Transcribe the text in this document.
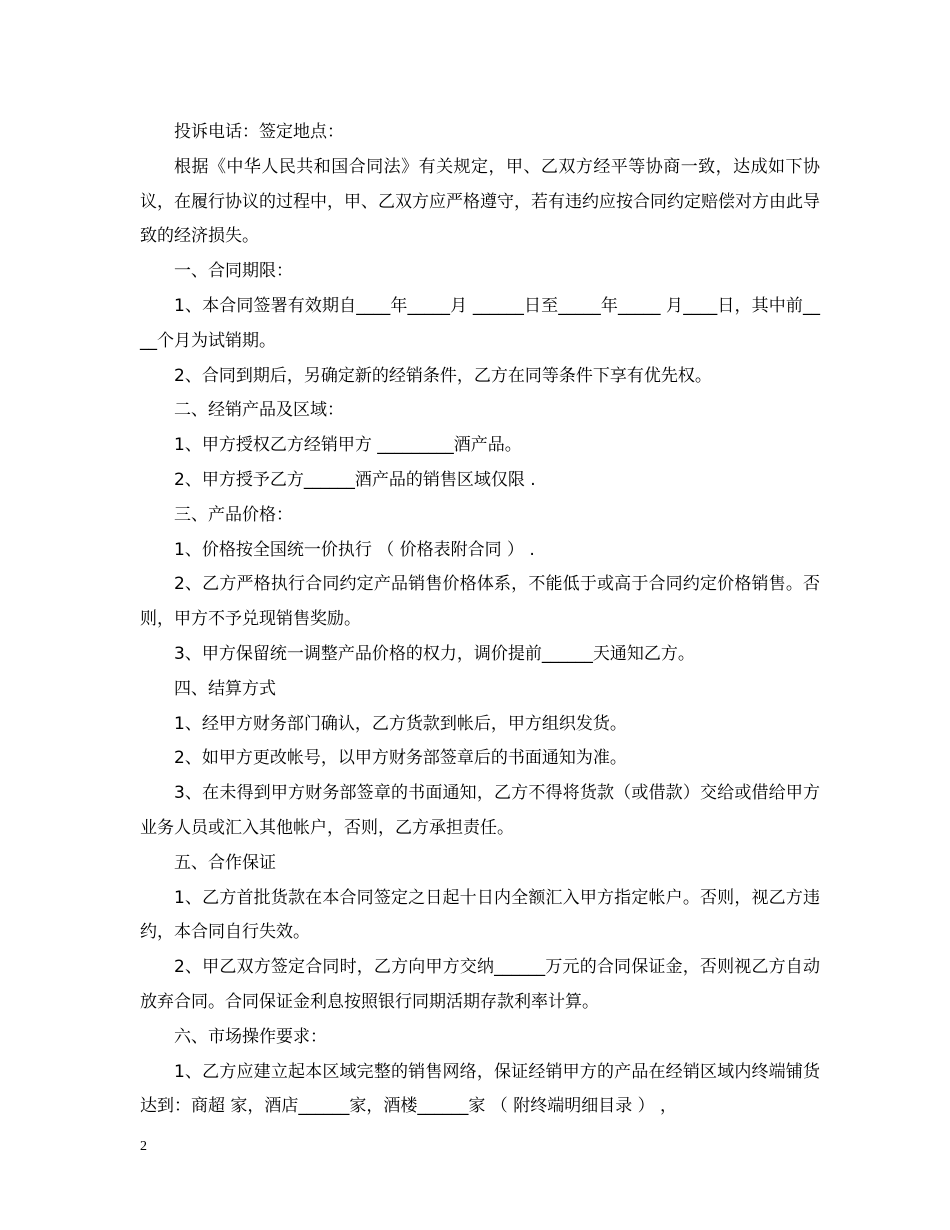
投诉电话：签定地点：

根据《中华人民共和国合同法》有关规定，甲、乙双方经平等协商一致，达成如下协议，在履行协议的过程中，甲、乙双方应严格遵守，若有违约应按合同约定赔偿对方由此导致的经济损失。

一、合同期限：

1、本合同签署有效期自____年_____月 ______日至_____年_____ 月____日，其中前____个月为试销期。

2、合同到期后，另确定新的经销条件，乙方在同等条件下享有优先权。

二、经销产品及区域：

1、甲方授权乙方经销甲方 _________酒产品。

2、甲方授予乙方______酒产品的销售区域仅限 .

三、产品价格：

1、价格按全国统一价执行 （ 价格表附合同 ） .

2、乙方严格执行合同约定产品销售价格体系，不能低于或高于合同约定价格销售。否则，甲方不予兑现销售奖励。

3、甲方保留统一调整产品价格的权力，调价提前______天通知乙方。

四、结算方式

1、经甲方财务部门确认，乙方货款到帐后，甲方组织发货。

2、如甲方更改帐号，以甲方财务部签章后的书面通知为准。

3、在未得到甲方财务部签章的书面通知，乙方不得将货款（或借款）交给或借给甲方业务人员或汇入其他帐户，否则，乙方承担责任。

五、合作保证

1、乙方首批货款在本合同签定之日起十日内全额汇入甲方指定帐户。否则，视乙方违约，本合同自行失效。

2、甲乙双方签定合同时，乙方向甲方交纳______万元的合同保证金，否则视乙方自动放弃合同。合同保证金利息按照银行同期活期存款利率计算。

六、市场操作要求：

1、乙方应建立起本区域完整的销售网络，保证经销甲方的产品在经销区域内终端铺货达到：商超 家，酒店______家，酒楼______家 （ 附终端明细目录 ） ，

2
